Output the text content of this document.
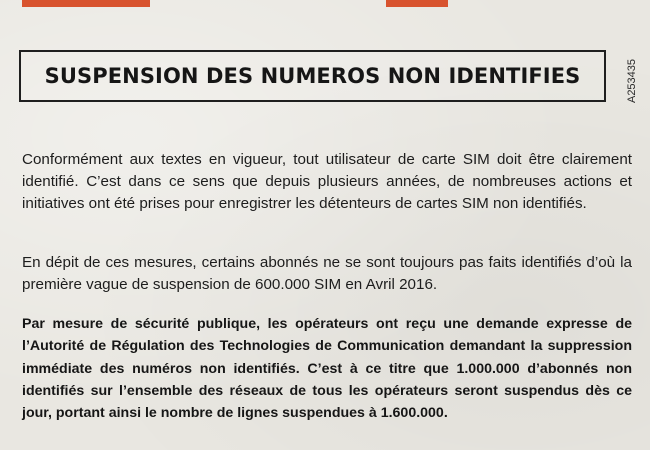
SUSPENSION DES NUMEROS NON IDENTIFIES	A253435

Conformément aux textes en vigueur, tout utilisateur de carte SIM doit être clairement identifié. C’est dans ce sens que depuis plusieurs années, de nombreuses actions et initiatives ont été prises pour enregistrer les détenteurs de cartes SIM non identifiés.

En dépit de ces mesures, certains abonnés ne se sont toujours pas faits identifiés d’où la première vague de suspension de 600.000 SIM en Avril 2016.

Par mesure de sécurité publique, les opérateurs ont reçu une demande expresse de l’Autorité de Régulation des Technologies de Communication demandant la suppression immédiate des numéros non identifiés. C’est à ce titre que 1.000.000 d’abonnés non identifiés sur l’ensemble des réseaux de tous les opérateurs seront suspendus dès ce jour, portant ainsi le nombre de lignes suspendues à 1.600.000.
